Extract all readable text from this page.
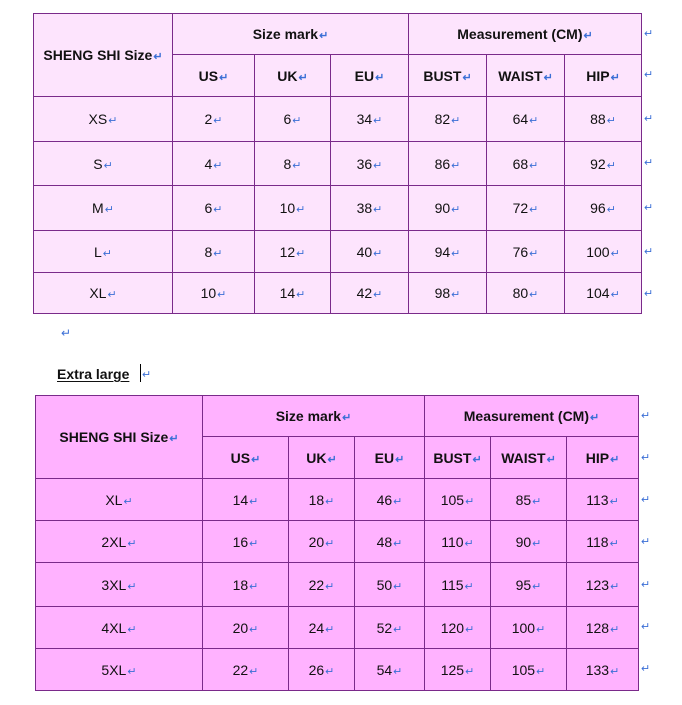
SHENG SHI Size↵	Size mark↵			Measurement (CM)↵		
	US↵	UK↵	EU↵	BUST↵	WAIST↵	HIP↵
XS↵	2↵	6↵	34↵	82↵	64↵	88↵
S↵	4↵	8↵	36↵	86↵	68↵	92↵
M↵	6↵	10↵	38↵	90↵	72↵	96↵
L↵	8↵	12↵	40↵	94↵	76↵	100↵
XL↵	10↵	14↵	42↵	98↵	80↵	104↵
↵
↵
↵
↵
↵
↵
↵
↵
Extra large ↵
SHENG SHI Size↵	Size mark↵			Measurement (CM)↵		
	US↵	UK↵	EU↵	BUST↵	WAIST↵	HIP↵
XL↵	14↵	18↵	46↵	105↵	85↵	113↵
2XL↵	16↵	20↵	48↵	110↵	90↵	118↵
3XL↵	18↵	22↵	50↵	115↵	95↵	123↵
4XL↵	20↵	24↵	52↵	120↵	100↵	128↵
5XL↵	22↵	26↵	54↵	125↵	105↵	133↵
↵
↵
↵
↵
↵
↵
↵
